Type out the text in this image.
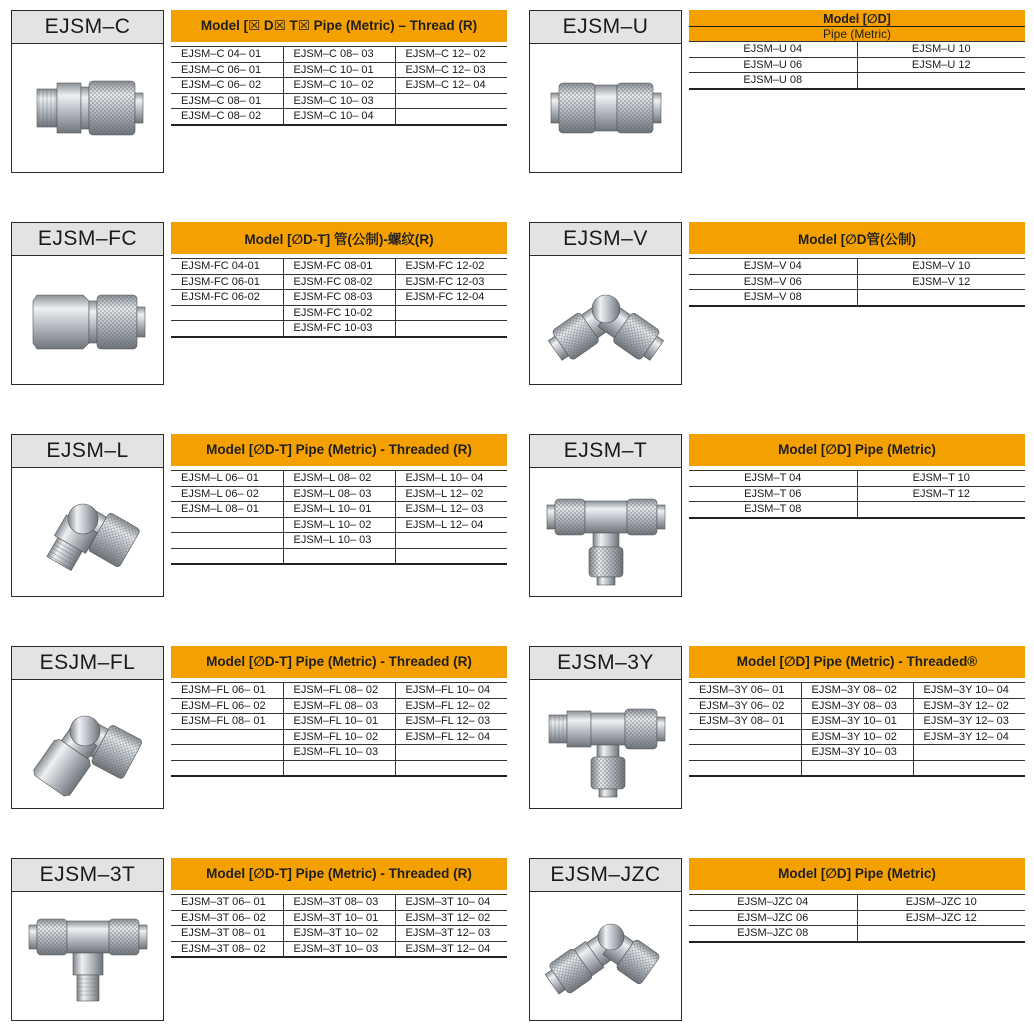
EJSM–C	Model [☒ D☒ T☒ Pipe (Metric) – Thread (R)
EJSM–C 04– 01	EJSM–C 08– 03	EJSM–C 12– 02
EJSM–C 06– 01	EJSM–C 10– 01	EJSM–C 12– 03
EJSM–C 06– 02	EJSM–C 10– 02	EJSM–C 12– 04
EJSM–C 08– 01	EJSM–C 10– 03	
EJSM–C 08– 02	EJSM–C 10– 04	
EJSM–U	Model [∅D]
Pipe (Metric)
EJSM–U 04	EJSM–U 10
EJSM–U 06	EJSM–U 12
EJSM–U 08	
EJSM–FC	Model [∅D-T] 管(公制)-螺纹(R)
EJSM-FC 04-01	EJSM-FC 08-01	EJSM-FC 12-02
EJSM-FC 06-01	EJSM-FC 08-02	EJSM-FC 12-03
EJSM-FC 06-02	EJSM-FC 08-03	EJSM-FC 12-04
	EJSM-FC 10-02	
	EJSM-FC 10-03	
EJSM–V	Model [∅D管(公制)
EJSM–V 04	EJSM–V 10
EJSM–V 06	EJSM–V 12
EJSM–V 08	
EJSM–L	Model [∅D-T] Pipe (Metric) - Threaded (R)
EJSM–L 06– 01	EJSM–L 08– 02	EJSM–L 10– 04
EJSM–L 06– 02	EJSM–L 08– 03	EJSM–L 12– 02
EJSM–L 08– 01	EJSM–L 10– 01	EJSM–L 12– 03
	EJSM–L 10– 02	EJSM–L 12– 04
	EJSM–L 10– 03	

EJSM–T	Model [∅D] Pipe (Metric)
EJSM–T 04	EJSM–T 10
EJSM–T 06	EJSM–T 12
EJSM–T 08	
ESJM–FL	Model [∅D-T] Pipe (Metric) - Threaded (R)
EJSM–FL 06– 01	EJSM–FL 08– 02	EJSM–FL 10– 04
EJSM–FL 06– 02	EJSM–FL 08– 03	EJSM–FL 12– 02
EJSM–FL 08– 01	EJSM–FL 10– 01	EJSM–FL 12– 03
	EJSM–FL 10– 02	EJSM–FL 12– 04
	EJSM–FL 10– 03	

EJSM–3Y	Model [∅D] Pipe (Metric) - Threaded®
EJSM–3Y 06– 01	EJSM–3Y 08– 02	EJSM–3Y 10– 04
EJSM–3Y 06– 02	EJSM–3Y 08– 03	EJSM–3Y 12– 02
EJSM–3Y 08– 01	EJSM–3Y 10– 01	EJSM–3Y 12– 03
	EJSM–3Y 10– 02	EJSM–3Y 12– 04
	EJSM–3Y 10– 03	

EJSM–3T	Model [∅D-T] Pipe (Metric) - Threaded (R)
EJSM–3T 06– 01	EJSM–3T 08– 03	EJSM–3T 10– 04
EJSM–3T 06– 02	EJSM–3T 10– 01	EJSM–3T 12– 02
EJSM–3T 08– 01	EJSM–3T 10– 02	EJSM–3T 12– 03
EJSM–3T 08– 02	EJSM–3T 10– 03	EJSM–3T 12– 04
EJSM–JZC	Model [∅D] Pipe (Metric)
EJSM–JZC 04	EJSM–JZC 10
EJSM–JZC 06	EJSM–JZC 12
EJSM–JZC 08	
